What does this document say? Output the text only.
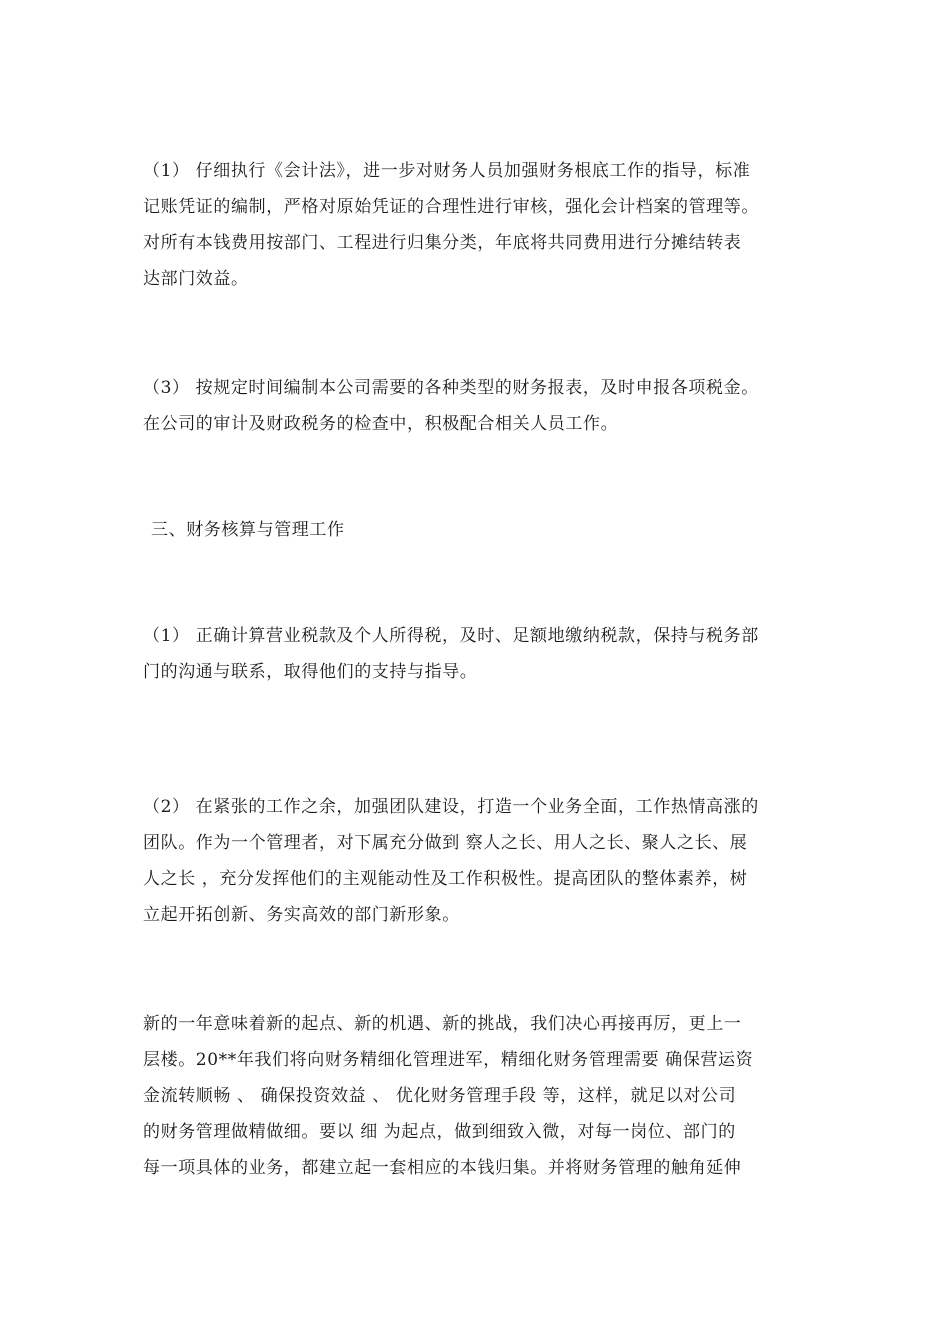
（1） 仔细执行《会计法》，进一步对财务人员加强财务根底工作的指导，标准
记账凭证的编制，严格对原始凭证的合理性进行审核，强化会计档案的管理等。
对所有本钱费用按部门、工程进行归集分类，年底将共同费用进行分摊结转表
达部门效益。
（3） 按规定时间编制本公司需要的各种类型的财务报表，及时申报各项税金。
在公司的审计及财政税务的检查中，积极配合相关人员工作。
三、财务核算与管理工作
（1） 正确计算营业税款及个人所得税，及时、足额地缴纳税款，保持与税务部
门的沟通与联系，取得他们的支持与指导。
（2） 在紧张的工作之余，加强团队建设，打造一个业务全面，工作热情高涨的
团队。作为一个管理者，对下属充分做到 察人之长、用人之长、聚人之长、展
人之长 ，充分发挥他们的主观能动性及工作积极性。提高团队的整体素养，树
立起开拓创新、务实高效的部门新形象。
新的一年意味着新的起点、新的机遇、新的挑战，我们决心再接再厉，更上一
层楼。20**年我们将向财务精细化管理进军，精细化财务管理需要 确保营运资
金流转顺畅 、 确保投资效益 、 优化财务管理手段 等，这样，就足以对公司
的财务管理做精做细。要以 细 为起点，做到细致入微，对每一岗位、部门的
每一项具体的业务，都建立起一套相应的本钱归集。并将财务管理的触角延伸
